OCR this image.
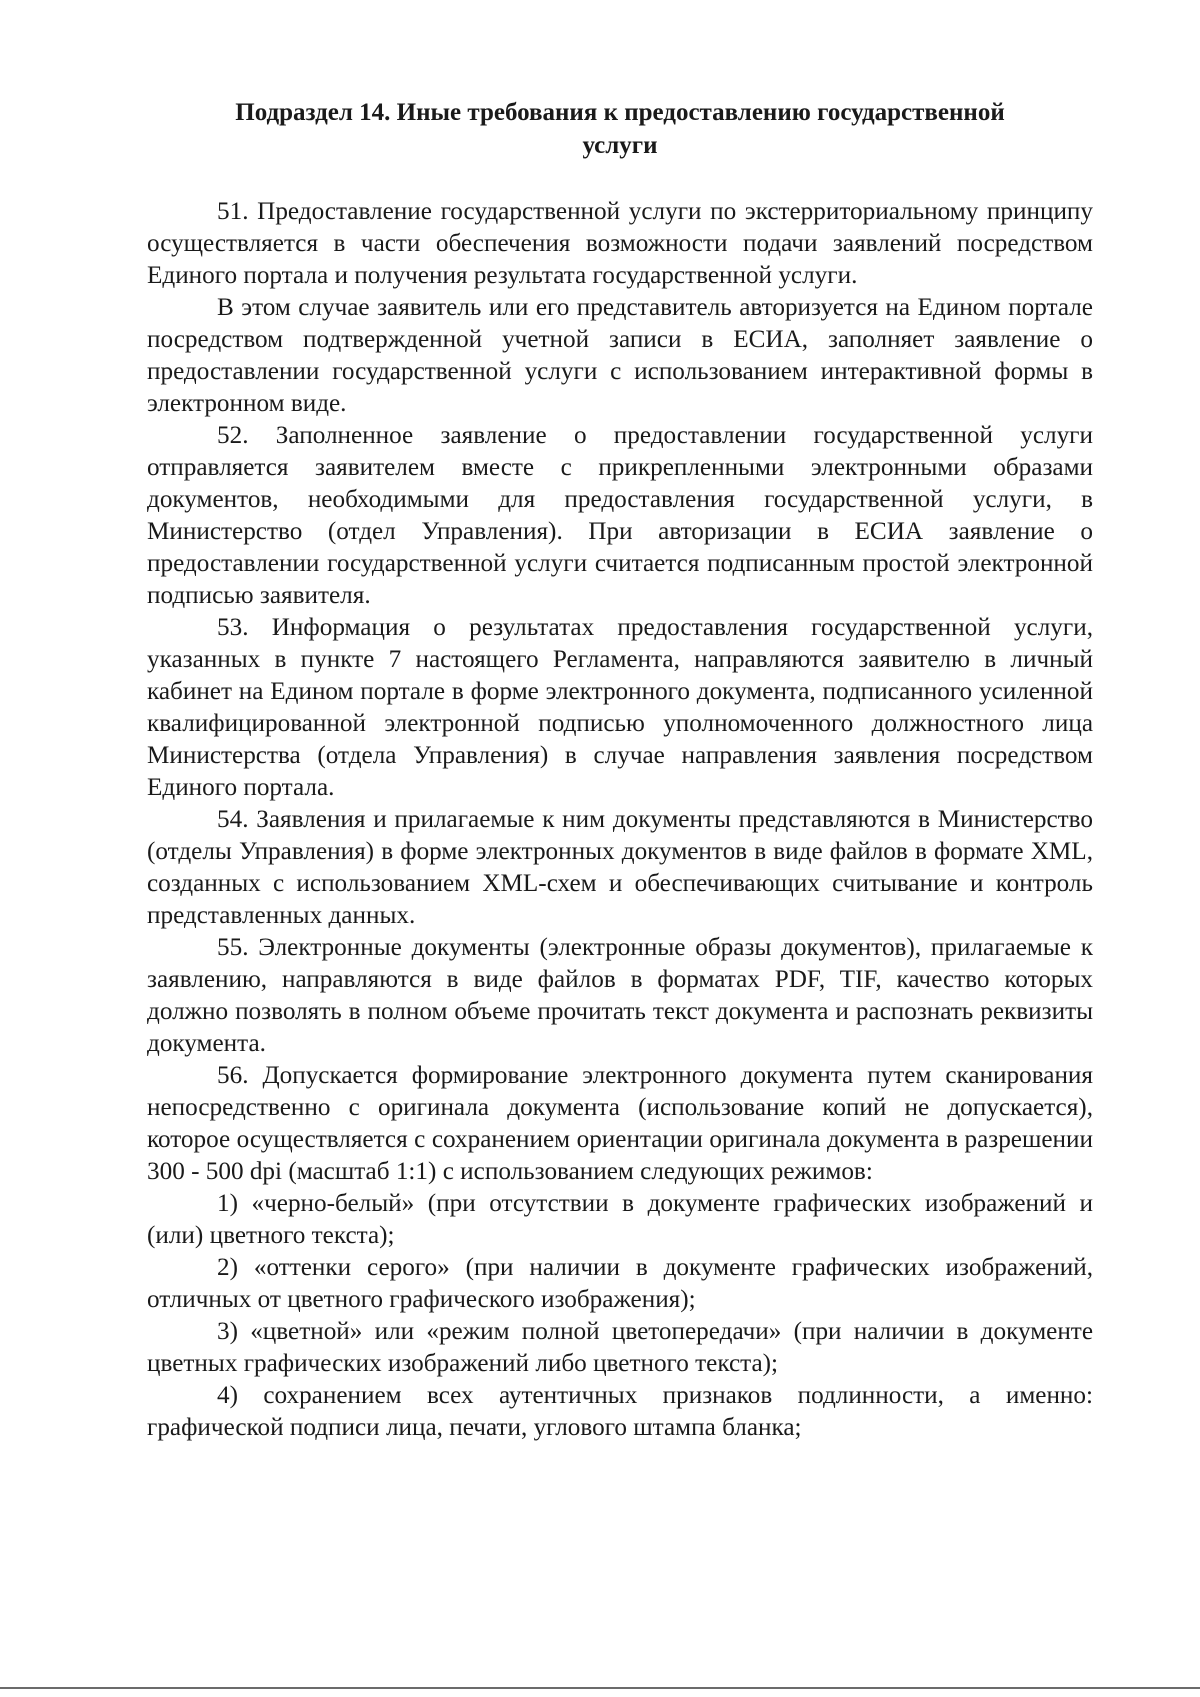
Подраздел 14. Иные требования к предоставлению государственной
услуги

51. Предоставление государственной услуги по экстерриториальному принципу осуществляется в части обеспечения возможности подачи заявлений посредством Единого портала и получения результата государственной услуги.

В этом случае заявитель или его представитель авторизуется на Едином портале посредством подтвержденной учетной записи в ЕСИА, заполняет заявление о предоставлении государственной услуги с использованием интерактивной формы в электронном виде.

52. Заполненное заявление о предоставлении государственной услуги отправляется заявителем вместе с прикрепленными электронными образами документов, необходимыми для предоставления государственной услуги, в Министерство (отдел Управления). При авторизации в ЕСИА заявление о предоставлении государственной услуги считается подписанным простой электронной подписью заявителя.

53. Информация о результатах предоставления государственной услуги, указанных в пункте 7 настоящего Регламента, направляются заявителю в личный кабинет на Едином портале в форме электронного документа, подписанного усиленной квалифицированной электронной подписью уполномоченного должностного лица Министерства (отдела Управления) в случае направления заявления посредством Единого портала.

54. Заявления и прилагаемые к ним документы представляются в Министерство (отделы Управления) в форме электронных документов в виде файлов в формате XML, созданных с использованием XML-схем и обеспечивающих считывание и контроль представленных данных.

55. Электронные документы (электронные образы документов), прилагаемые к заявлению, направляются в виде файлов в форматах PDF, TIF, качество которых должно позволять в полном объеме прочитать текст документа и распознать реквизиты документа.

56. Допускается формирование электронного документа путем сканирования непосредственно с оригинала документа (использование копий не допускается), которое осуществляется с сохранением ориентации оригинала документа в разрешении 300 - 500 dpi (масштаб 1:1) с использованием следующих режимов:

1) «черно-белый» (при отсутствии в документе графических изображений и (или) цветного текста);

2) «оттенки серого» (при наличии в документе графических изображений, отличных от цветного графического изображения);

3) «цветной» или «режим полной цветопередачи» (при наличии в документе цветных графических изображений либо цветного текста);

4) сохранением всех аутентичных признаков подлинности, а именно: графической подписи лица, печати, углового штампа бланка;
